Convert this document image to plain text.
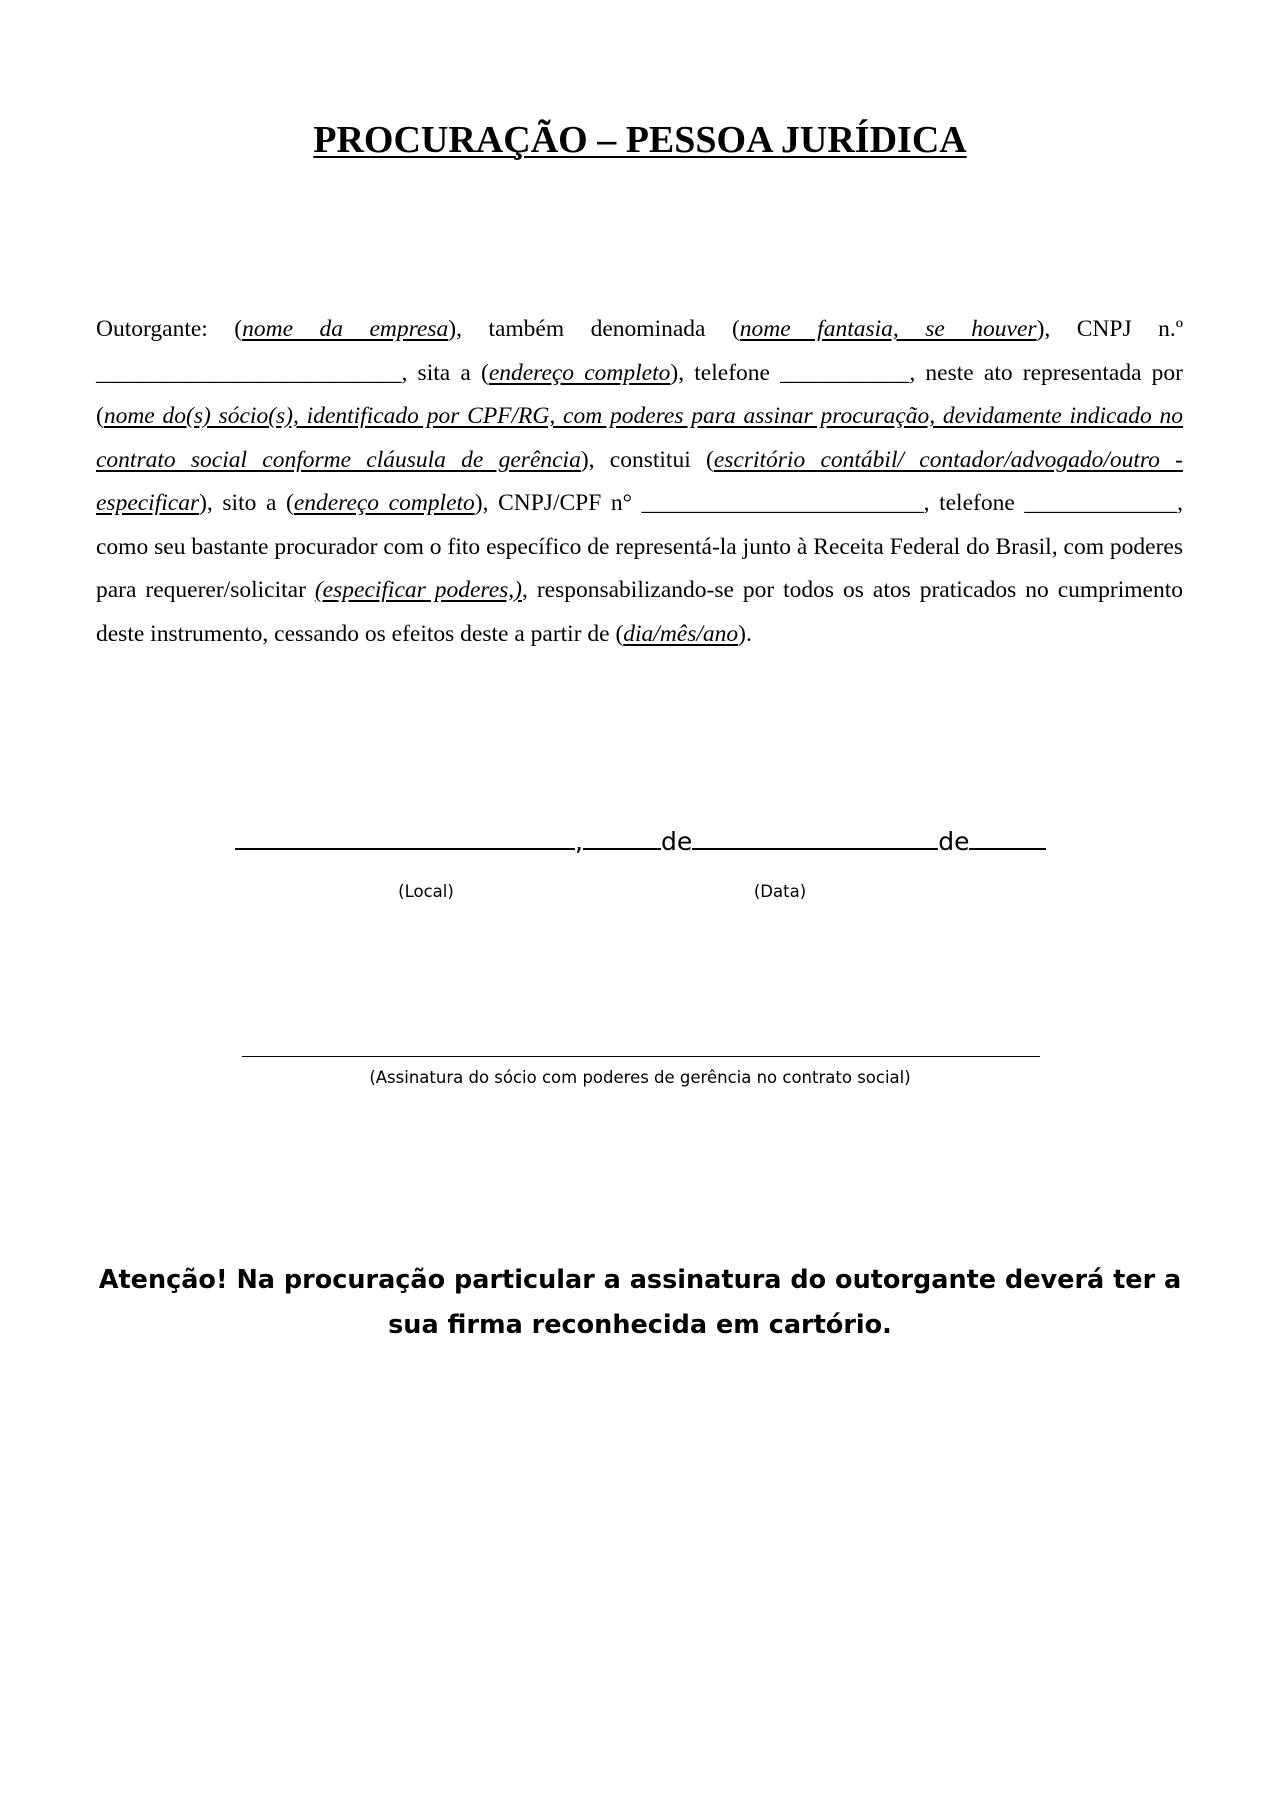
PROCURAÇÃO – PESSOA JURÍDICA

Outorgante: (nome da empresa), também denominada (nome fantasia, se houver), CNPJ n.º __________________________, sita a (endereço completo), telefone ___________, neste ato representada por (nome do(s) sócio(s), identificado por CPF/RG, com poderes para assinar procuração, devidamente indicado no contrato social conforme cláusula de gerência), constitui (escritório contábil/ contador/advogado/outro - especificar), sito a (endereço completo), CNPJ/CPF n° ________________________, telefone _____________, como seu bastante procurador com o fito específico de representá-la junto à Receita Federal do Brasil, com poderes para requerer/solicitar (especificar poderes,), responsabilizando-se por todos os atos praticados no cumprimento deste instrumento, cessando os efeitos deste a partir de (dia/mês/ano).

,	de	de
(Local)	(Data)
(Assinatura do sócio com poderes de gerência no contrato social)

Atenção! Na procuração particular a assinatura do outorgante deverá ter a sua firma reconhecida em cartório.
